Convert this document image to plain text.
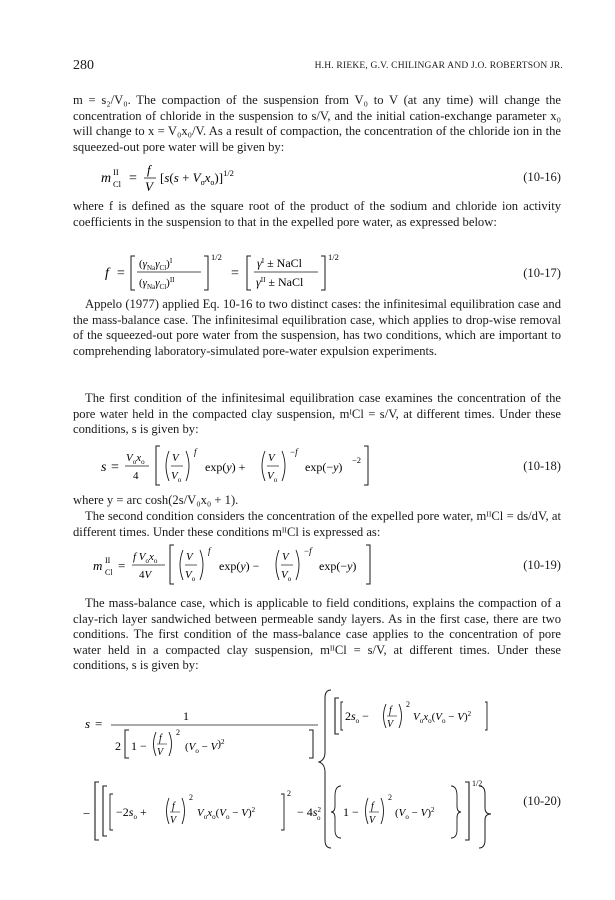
280	H.H. RIEKE, G.V. CHILINGAR AND J.O. ROBERTSON JR.

m = s₂/V₀. The compaction of the suspension from V₀ to V (at any time) will change the concentration of chloride in the suspension to s/V, and the initial cation-exchange parameter x₀ will change to x = V₀x₀/V. As a result of compaction, the concentration of the chloride ion in the squeezed-out pore water will be given by:

m II
Cl =
f
V
$[s(s + V_ox_o)]^{1/2}$	(10-16)

where f is defined as the square root of the product of the sodium and chloride ion activity coefficients in the suspension to that in the expelled pore water, as expressed below:

f =
$(\gamma_{Na}\gamma_{Cl})^I$
$(\gamma_{Na}\gamma_{Cl})^{II}$
1/2
=
$\gamma^I$ ± NaCl
$\gamma^{II}$ ± NaCl
1/2
(10-17)

Appelo (1977) applied Eq. 10-16 to two distinct cases: the infinitesimal equilibration case and the mass-balance case. The infinitesimal equilibration case, which applies to drop-wise removal of the squeezed-out pore water from the suspension, has two conditions, which are important to comprehending laboratory-simulated pore-water expulsion experiments.

The first condition of the infinitesimal equilibration case examines the concentration of the pore water held in the compacted clay suspension, mᴵCl = s/V, at different times. Under these conditions, s is given by:

s =
$V_ox_o$
4
V
$V_o$
f
exp(y) +
V
$V_o$
−f
exp(−y) −2	(10-18)

where y = arc cosh(2s/V₀x₀ + 1).

The second condition considers the concentration of the expelled pore water, mᴵᴵCl = ds/dV, at different times. Under these conditions mᴵᴵCl is expressed as:

m II
Cl =
f $V_ox_o$
4V
V
$V_o$
f
exp(y) −
V
$V_o$
−f
exp(−y)	(10-19)

The mass-balance case, which is applicable to field conditions, explains the compaction of a clay-rich layer sandwiched between permeable sandy layers. As in the first case, there are two conditions. The first condition of the mass-balance case applies to the concentration of pore water held in a compacted clay suspension, mᴵᴵCl = s/V, at different times. Under these conditions, s is given by:

s =	1
2 1 −
f
V
2
$(V_o - V)^2$
$2s_o - f$
V
2
$V_ox_o(V_o - V)^2$
− $-2s_o$ +	f
V
2
$V_ox_o(V_o - V)^2$
2
− $4s^2$ o 1 − f
V
2
$(V_o - V)^2$
1/2
(10-20)
